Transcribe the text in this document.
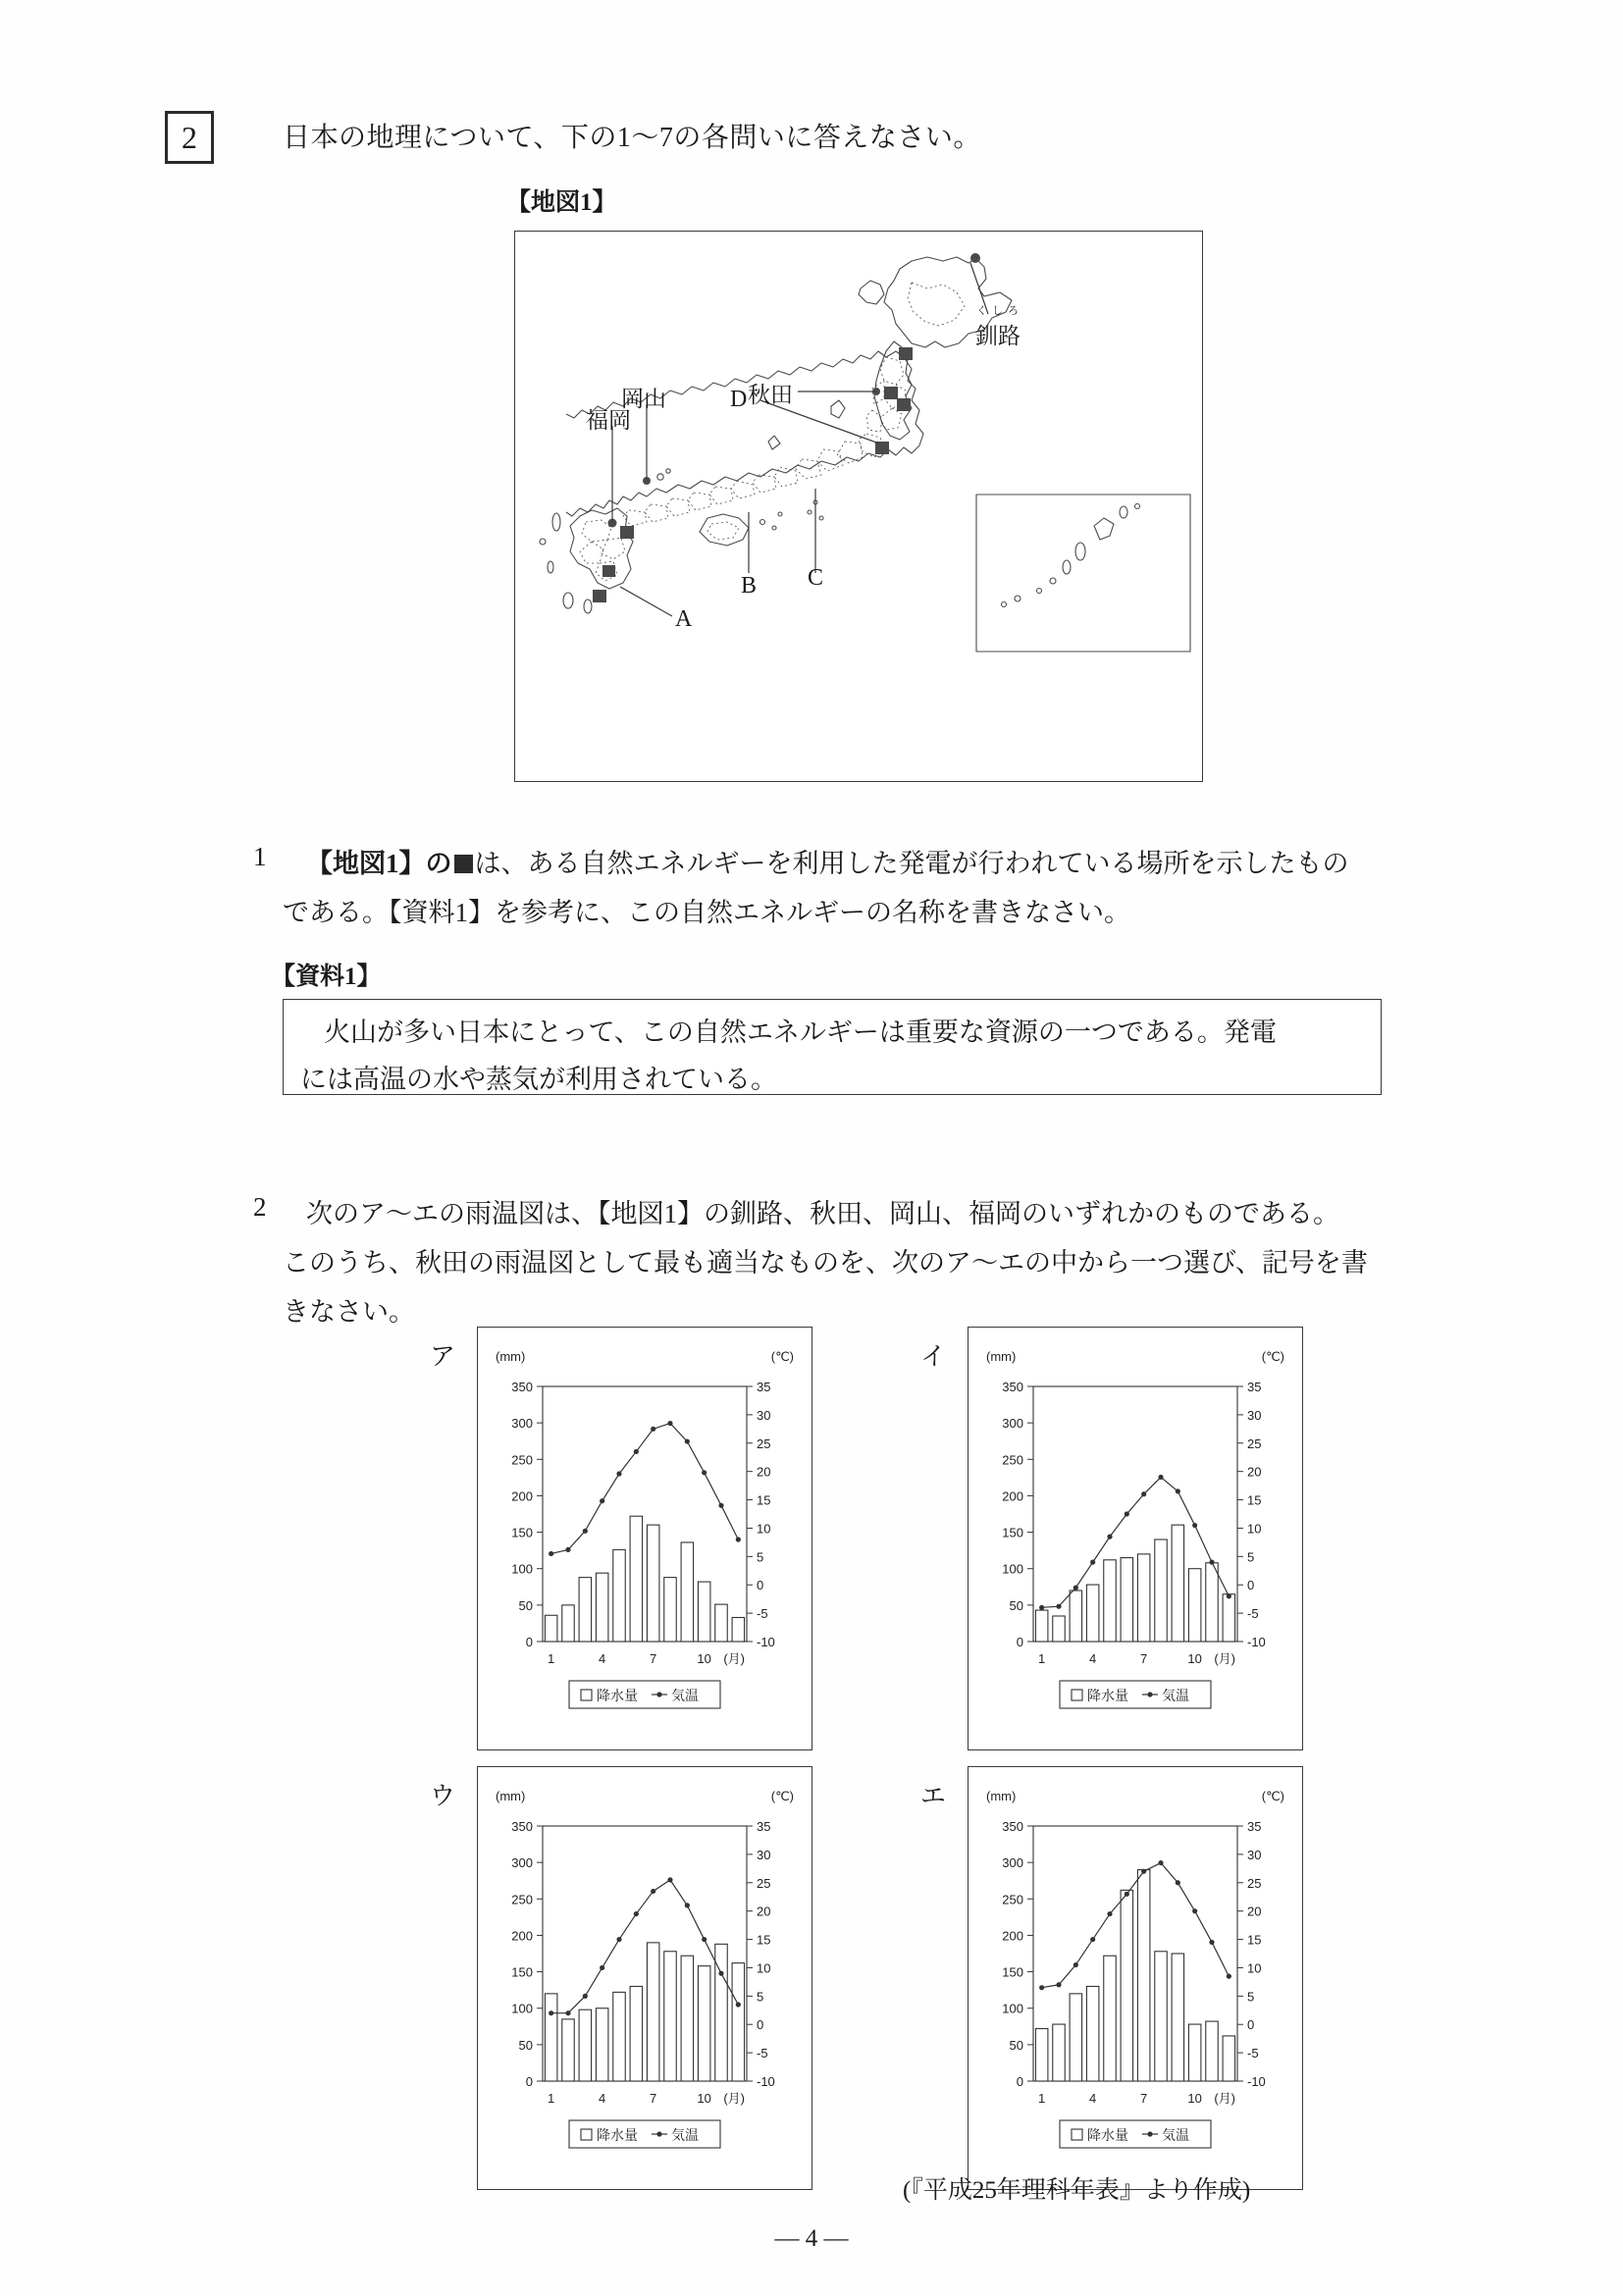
2	日本の地理について、下の1～7の各問いに答えなさい。
【地図1】
秋田
D
岡山
福岡
A
B C
くしろ
釧路
1 【地図1】の は、ある自然エネルギーを利用した発電が行われている場所を示したもの
である。【資料1】を参考に、この自然エネルギーの名称を書きなさい。
【資料1】
火山が多い日本にとって、この自然エネルギーは重要な資源の一つである。発電
には高温の水や蒸気が利用されている。
2 次のア～エの雨温図は、【地図1】の釧路、秋田、岡山、福岡のいずれかのものである。
このうち、秋田の雨温図として最も適当なものを、次のア～エの中から一つ選び、記号を書
きなさい。
ア	(mm)	(℃)
0
50
100
150
200
250
300
350
-10
-5
0
5
10
15
20
25
30
35
1	4	7	10 (月)
降水量 気温
イ	(mm)	(℃)
0
50
100
150
200
250
300
350
-10
-5
0
5
10
15
20
25
30
35
1	4	7	10 (月)
降水量 気温
ウ	(mm)	(℃)
0
50
100
150
200
250
300
350
-10
-5
0
5
10
15
20
25
30
35
1	4	7	10 (月)
降水量 気温
エ	(mm)	(℃)
0
50
100
150
200
250
300
350
-10
-5
0
5
10
15
20
25
30
35
1	4	7	10 (月)
降水量 気温
(『平成25年理科年表』より作成)
— 4 —
